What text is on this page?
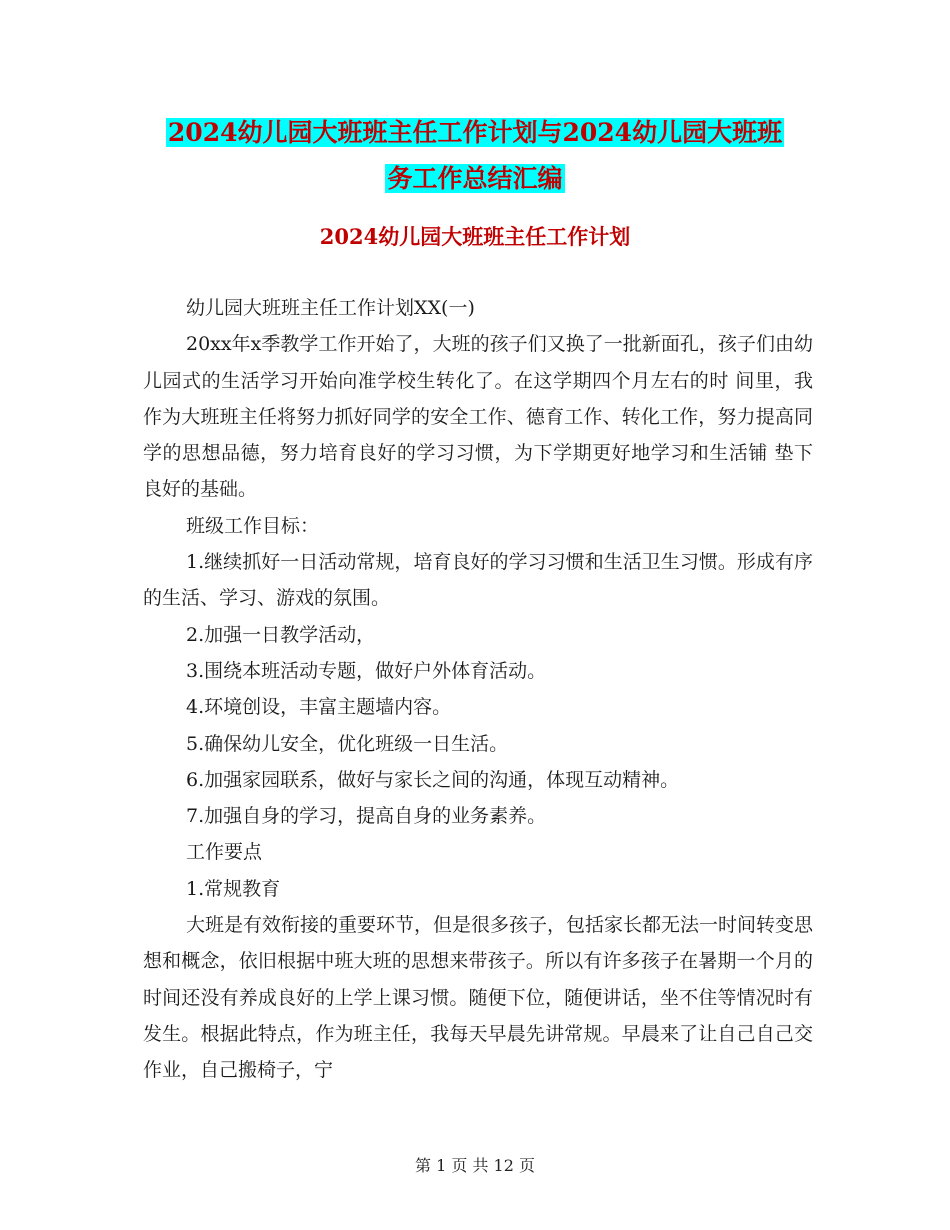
2024幼儿园大班班主任工作计划与2024幼儿园大班班
务工作总结汇编
2024幼儿园大班班主任工作计划

幼儿园大班班主任工作计划XX(一)

20xx年x季教学工作开始了，大班的孩子们又换了一批新面孔，孩子们由幼儿园式的生活学习开始向准学校生转化了。在这学期四个月左右的时 间里，我作为大班班主任将努力抓好同学的安全工作、德育工作、转化工作，努力提高同学的思想品德，努力培育良好的学习习惯，为下学期更好地学习和生活铺 垫下良好的基础。

班级工作目标：

1.继续抓好一日活动常规，培育良好的学习习惯和生活卫生习惯。形成有序的生活、学习、游戏的氛围。

2.加强一日教学活动，

3.围绕本班活动专题，做好户外体育活动。

4.环境创设，丰富主题墙内容。

5.确保幼儿安全，优化班级一日生活。

6.加强家园联系，做好与家长之间的沟通，体现互动精神。

7.加强自身的学习，提高自身的业务素养。

工作要点

1.常规教育

大班是有效衔接的重要环节，但是很多孩子，包括家长都无法一时间转变思想和概念，依旧根据中班大班的思想来带孩子。所以有许多孩子在暑期一个月的时间还没有养成良好的上学上课习惯。随便下位，随便讲话，坐不住等情况时有发生。根据此特点，作为班主任，我每天早晨先讲常规。早晨来了让自己自己交作业，自己搬椅子，宁

第 1 页 共 12 页
